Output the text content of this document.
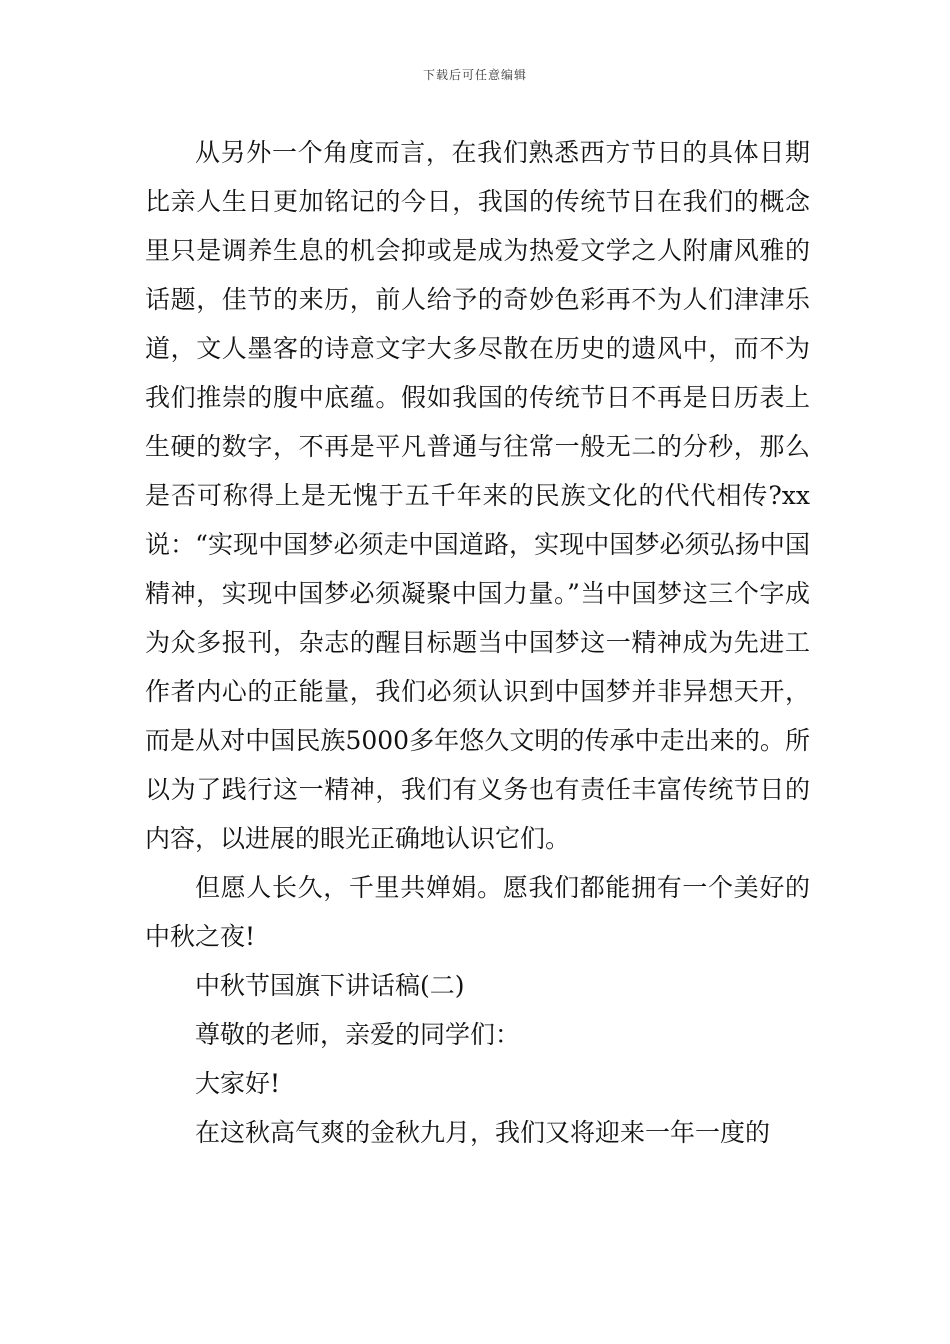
下载后可任意编辑

从另外一个角度而言，在我们熟悉西方节日的具体日期比亲人生日更加铭记的今日，我国的传统节日在我们的概念里只是调养生息的机会抑或是成为热爱文学之人附庸风雅的话题，佳节的来历，前人给予的奇妙色彩再不为人们津津乐道，文人墨客的诗意文字大多尽散在历史的遗风中，而不为我们推崇的腹中底蕴。假如我国的传统节日不再是日历表上生硬的数字，不再是平凡普通与往常一般无二的分秒，那么是否可称得上是无愧于五千年来的民族文化的代代相传?xx说：“实现中国梦必须走中国道路，实现中国梦必须弘扬中国精神，实现中国梦必须凝聚中国力量。”当中国梦这三个字成为众多报刊，杂志的醒目标题当中国梦这一精神成为先进工作者内心的正能量，我们必须认识到中国梦并非异想天开，而是从对中国民族5000多年悠久文明的传承中走出来的。所以为了践行这一精神，我们有义务也有责任丰富传统节日的内容，以进展的眼光正确地认识它们。

但愿人长久，千里共婵娟。愿我们都能拥有一个美好的中秋之夜!

中秋节国旗下讲话稿(二)

尊敬的老师，亲爱的同学们：

大家好!

在这秋高气爽的金秋九月，我们又将迎来一年一度的
